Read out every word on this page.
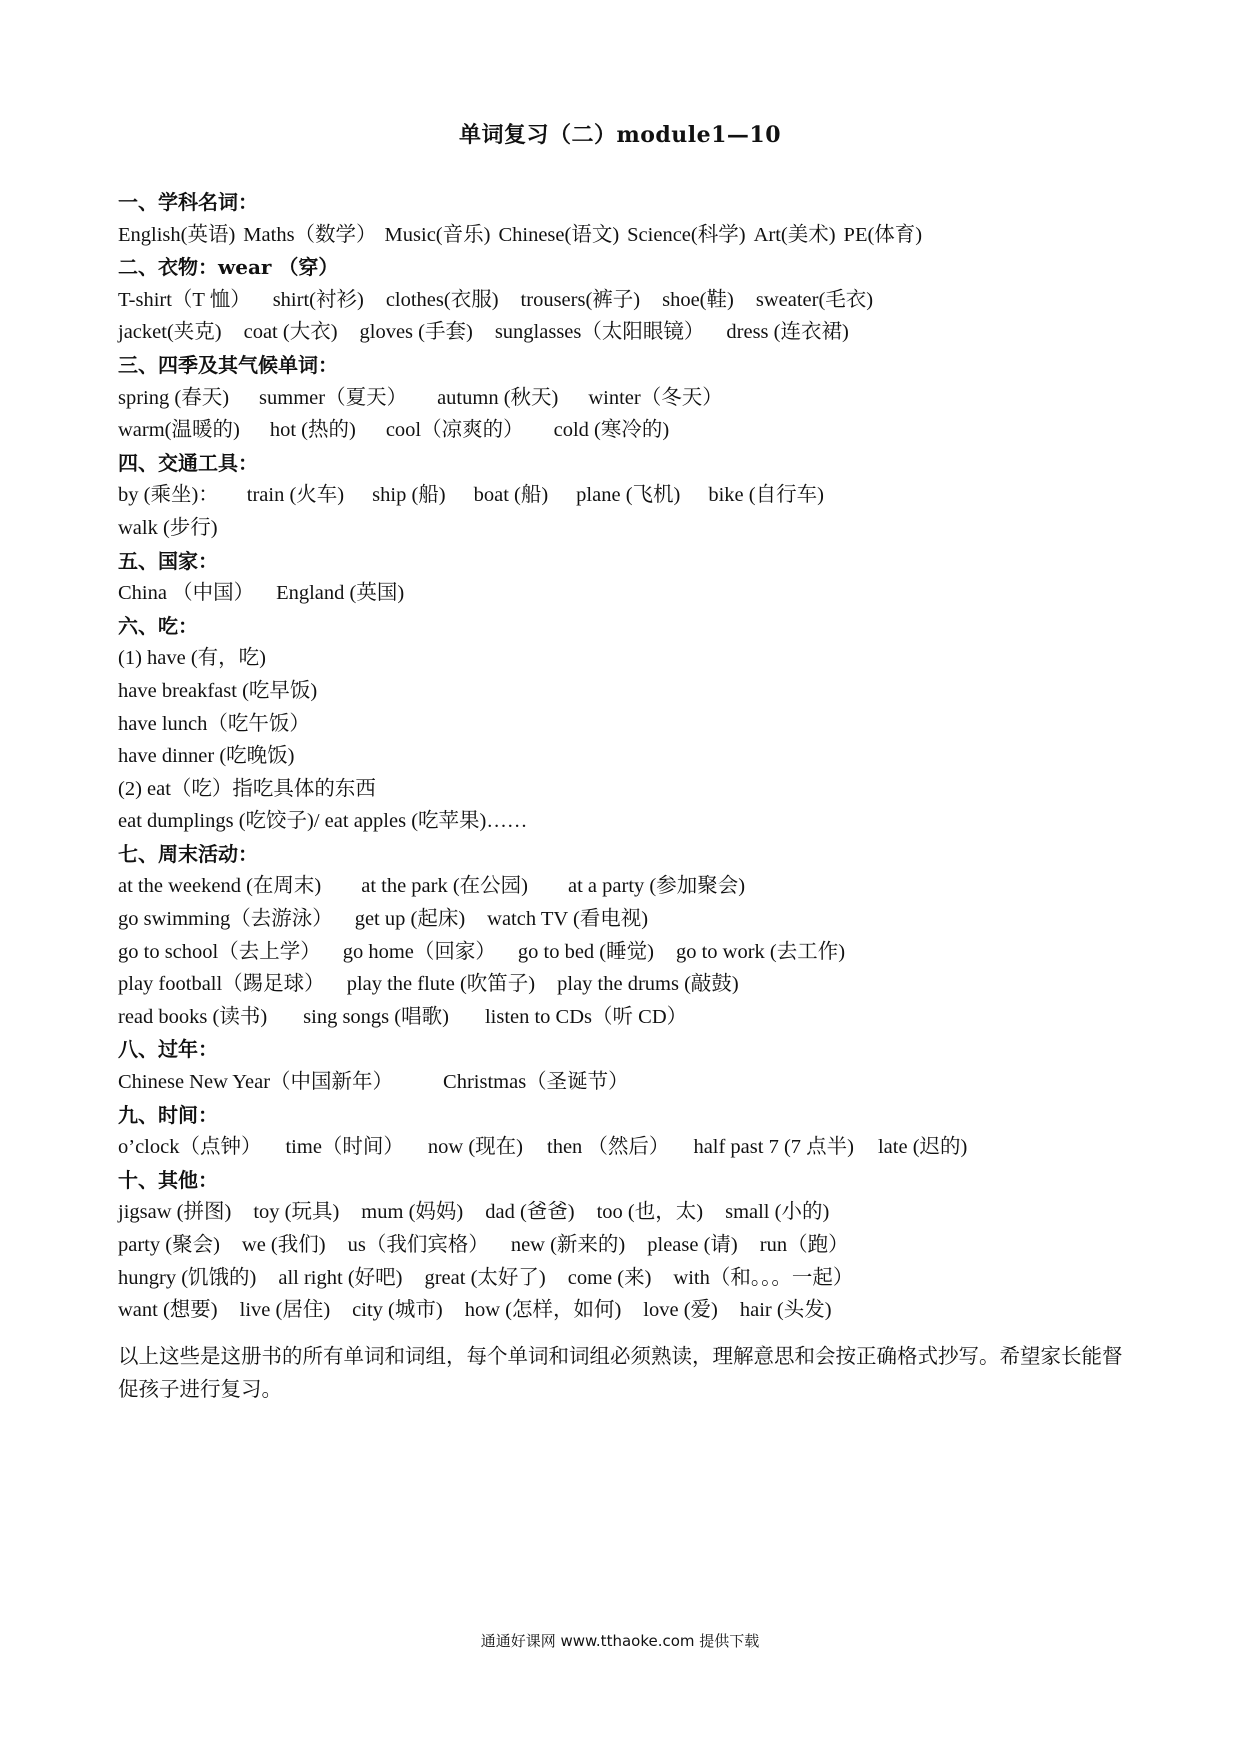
单词复习（二）module1—10
一、学科名词：
English(英语) Maths（数学） Music(音乐) Chinese(语文) Science(科学) Art(美术) PE(体育)
二、衣物：wear （穿）
T-shirt（T 恤） shirt(衬衫) clothes(衣服) trousers(裤子) shoe(鞋) sweater(毛衣)
jacket(夹克) coat (大衣) gloves (手套) sunglasses（太阳眼镜） dress (连衣裙)
三、四季及其气候单词：
spring (春天) summer（夏天） autumn (秋天) winter（冬天）
warm(温暖的) hot (热的) cool（凉爽的） cold (寒冷的)
四、交通工具：
by (乘坐)： train (火车) ship (船) boat (船) plane (飞机) bike (自行车)
walk (步行)
五、国家：
China （中国） England (英国)
六、吃：
(1) have (有，吃)
have breakfast (吃早饭)
have lunch（吃午饭）
have dinner (吃晚饭)
(2) eat（吃）指吃具体的东西
eat dumplings (吃饺子)/ eat apples (吃苹果)……
七、周末活动：
at the weekend (在周末) at the park (在公园) at a party (参加聚会)
go swimming（去游泳） get up (起床) watch TV (看电视)
go to school（去上学） go home（回家） go to bed (睡觉) go to work (去工作)
play football（踢足球） play the flute (吹笛子) play the drums (敲鼓)
read books (读书) sing songs (唱歌) listen to CDs（听 CD）
八、过年：
Chinese New Year（中国新年） Christmas（圣诞节）
九、时间：
o’clock（点钟） time（时间） now (现在) then （然后） half past 7 (7 点半) late (迟的)
十、其他：
jigsaw (拼图) toy (玩具) mum (妈妈) dad (爸爸) too (也，太) small (小的)
party (聚会) we (我们) us（我们宾格） new (新来的) please (请) run（跑）
hungry (饥饿的) all right (好吧) great (太好了) come (来) with（和。。。一起）
want (想要) live (居住) city (城市) how (怎样，如何) love (爱) hair (头发)
以上这些是这册书的所有单词和词组，每个单词和词组必须熟读，理解意思和会按正确格式抄写。希望家长能督促孩子进行复习。
通通好课网 www.tthaoke.com 提供下载
